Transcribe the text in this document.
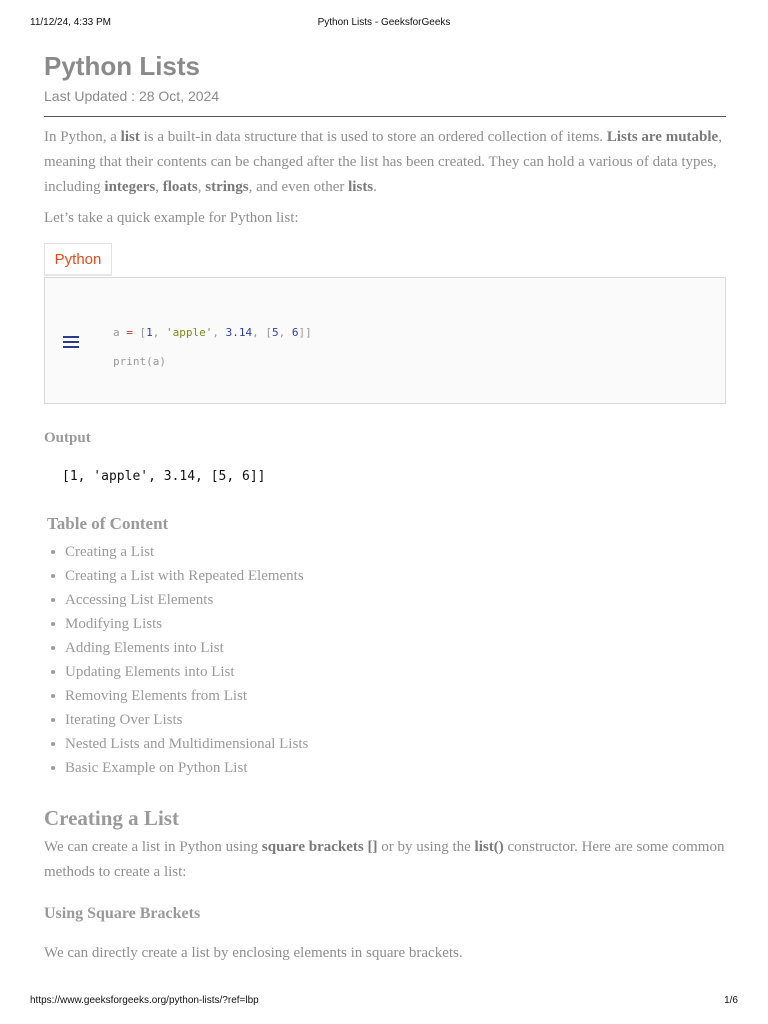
11/12/24, 4:33 PM	Python Lists - GeeksforGeeks
Python Lists
Last Updated : 28 Oct, 2024

In Python, a list is a built-in data structure that is used to store an ordered collection of items. Lists are mutable, meaning that their contents can be changed after the list has been created. They can hold a various of data types, including integers, floats, strings, and even other lists.

Let’s take a quick example for Python list:

Python
a = [1, 'apple', 3.14, [5, 6]]
print(a)
Output
[1, 'apple', 3.14, [5, 6]]
Table of Content
Creating a List
Creating a List with Repeated Elements
Accessing List Elements
Modifying Lists
Adding Elements into List
Updating Elements into List
Removing Elements from List
Iterating Over Lists
Nested Lists and Multidimensional Lists
Basic Example on Python List
Creating a List

We can create a list in Python using square brackets [] or by using the list() constructor. Here are some common methods to create a list:

Using Square Brackets

We can directly create a list by enclosing elements in square brackets.

https://www.geeksforgeeks.org/python-lists/?ref=lbp	1/6
